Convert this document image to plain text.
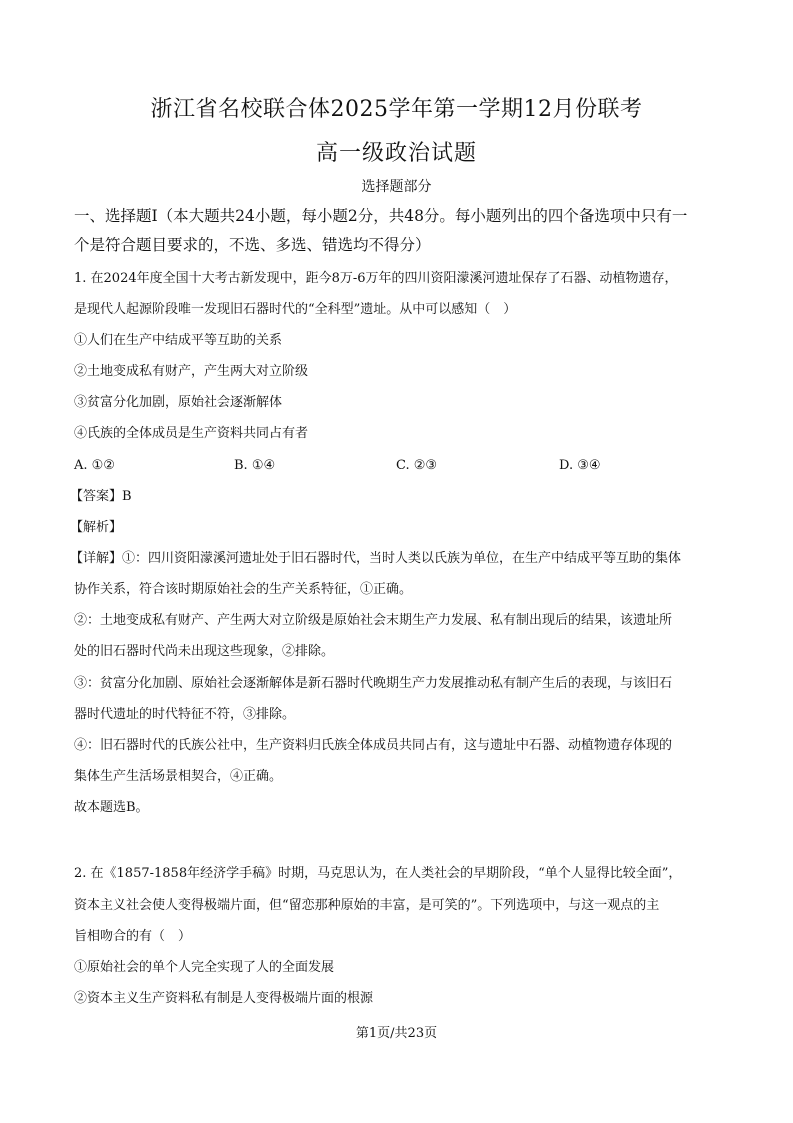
浙江省名校联合体2025学年第一学期12月份联考
高一级政治试题
选择题部分
一、选择题Ⅰ（本大题共24小题，每小题2分，共48分。每小题列出的四个备选项中只有一
个是符合题目要求的，不选、多选、错选均不得分）
1. 在2024年度全国十大考古新发现中，距今8万-6万年的四川资阳濛溪河遗址保存了石器、动植物遗存，
是现代人起源阶段唯一发现旧石器时代的“全科型”遗址。从中可以感知（　）
①人们在生产中结成平等互助的关系
②土地变成私有财产，产生两大对立阶级
③贫富分化加剧，原始社会逐渐解体
④氏族的全体成员是生产资料共同占有者
A. ①②	B. ①④	C. ②③	D. ③④
【答案】B
【解析】
【详解】①：四川资阳濛溪河遗址处于旧石器时代，当时人类以氏族为单位，在生产中结成平等互助的集体
协作关系，符合该时期原始社会的生产关系特征，①正确。
②：土地变成私有财产、产生两大对立阶级是原始社会末期生产力发展、私有制出现后的结果，该遗址所
处的旧石器时代尚未出现这些现象，②排除。
③：贫富分化加剧、原始社会逐渐解体是新石器时代晚期生产力发展推动私有制产生后的表现，与该旧石
器时代遗址的时代特征不符，③排除。
④：旧石器时代的氏族公社中，生产资料归氏族全体成员共同占有，这与遗址中石器、动植物遗存体现的
集体生产生活场景相契合，④正确。
故本题选B。
2. 在《1857-1858年经济学手稿》时期，马克思认为，在人类社会的早期阶段，“单个人显得比较全面”，
资本主义社会使人变得极端片面，但“留恋那种原始的丰富，是可笑的”。下列选项中，与这一观点的主
旨相吻合的有（　）
①原始社会的单个人完全实现了人的全面发展
②资本主义生产资料私有制是人变得极端片面的根源
第1页/共23页
